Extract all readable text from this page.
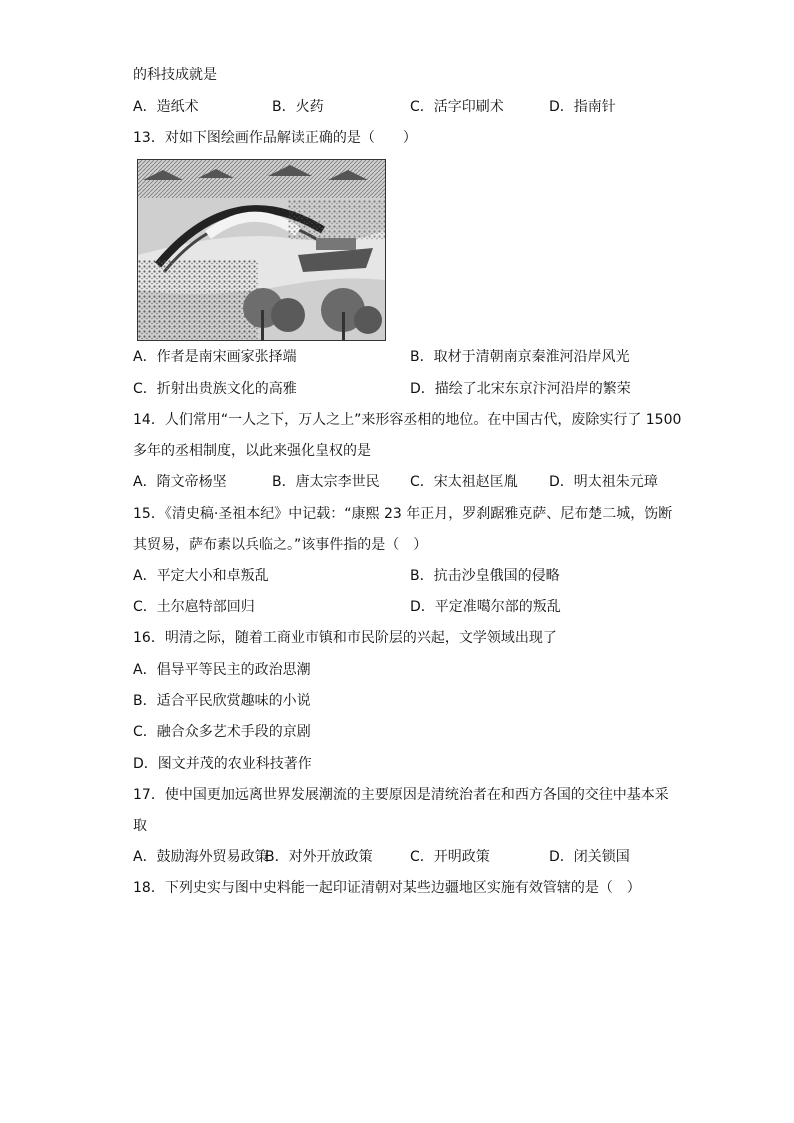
的科技成就是
A．造纸术	B．火药	C．活字印刷术	D．指南针
13．对如下图绘画作品解读正确的是（　　）
A．作者是南宋画家张择端	B．取材于清朝南京秦淮河沿岸风光
C．折射出贵族文化的高雅	D．描绘了北宋东京汴河沿岸的繁荣
14．人们常用“一人之下，万人之上”来形容丞相的地位。在中国古代，废除实行了 1500
多年的丞相制度，以此来强化皇权的是
A．隋文帝杨坚	B．唐太宗李世民 C．宋太祖赵匡胤 D．明太祖朱元璋
15．《清史稿·圣祖本纪》中记载：“康熙 23 年正月，罗刹踞雅克萨、尼布楚二城，饬断
其贸易，萨布素以兵临之。”该事件指的是（　）
A．平定大小和卓叛乱	B．抗击沙皇俄国的侵略
C．土尔扈特部回归	D．平定准噶尔部的叛乱
16．明清之际，随着工商业市镇和市民阶层的兴起，文学领域出现了
A．倡导平等民主的政治思潮
B．适合平民欣赏趣味的小说
C．融合众多艺术手段的京剧
D．图文并茂的农业科技著作
17．使中国更加远离世界发展潮流的主要原因是清统治者在和西方各国的交往中基本采
取
A．鼓励海外贸易政策
B．对外开放政策	C．开明政策	D．闭关锁国
18．下列史实与图中史料能一起印证清朝对某些边疆地区实施有效管辖的是（　）
